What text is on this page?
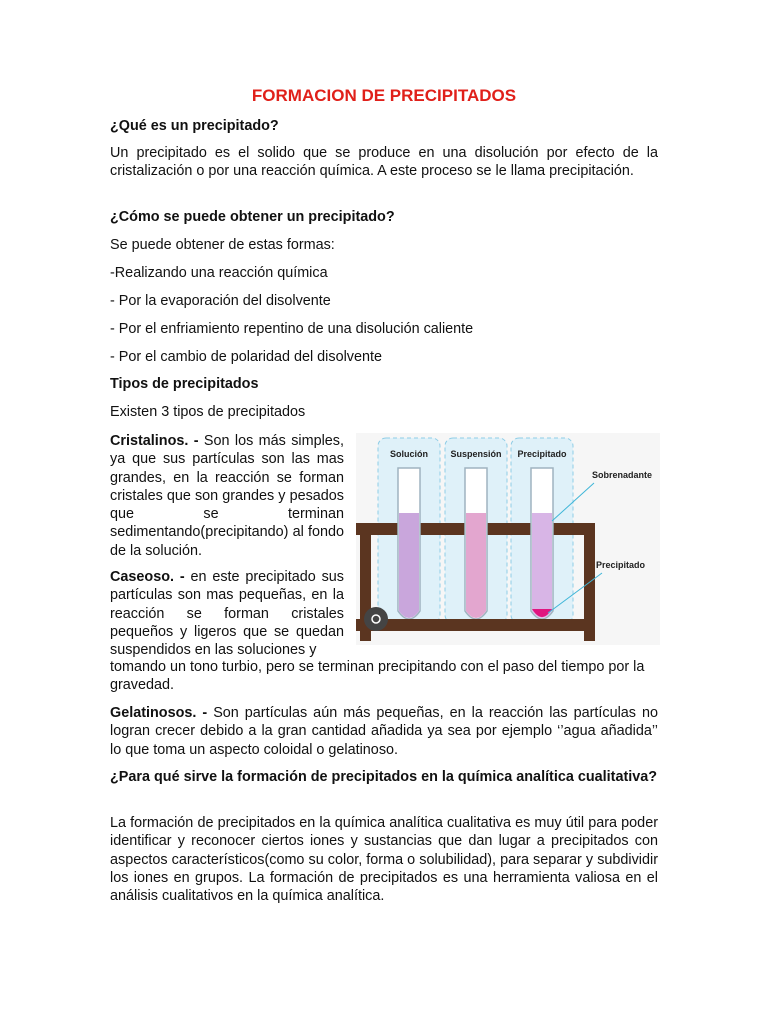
FORMACION DE PRECIPITADOS

¿Qué es un precipitado?

Un precipitado es el solido que se produce en una disolución por efecto de la cristalización o por una reacción química. A este proceso se le llama precipitación.

¿Cómo se puede obtener un precipitado?

Se puede obtener de estas formas:

-Realizando una reacción química

- Por la evaporación del disolvente

- Por el enfriamiento repentino de una disolución caliente

- Por el cambio de polaridad del disolvente

Tipos de precipitados

Existen 3 tipos de precipitados

Cristalinos. - Son los más simples, ya que sus partículas son las mas grandes, en la reacción se forman cristales que son grandes y pesados que se terminan sedimentando(precipitando) al fondo de la solución.

Caseoso. - en este precipitado sus partículas son mas pequeñas, en la reacción se forman cristales pequeños y ligeros que se quedan suspendidos en las soluciones y

tomando un tono turbio, pero se terminan precipitando con el paso del tiempo por la gravedad.

Gelatinosos. - Son partículas aún más pequeñas, en la reacción las partículas no logran crecer debido a la gran cantidad añadida ya sea por ejemplo ‘’agua añadida’’ lo que toma un aspecto coloidal o gelatinoso.

¿Para qué sirve la formación de precipitados en la química analítica cualitativa?

La formación de precipitados en la química analítica cualitativa es muy útil para poder identificar y reconocer ciertos iones y sustancias que dan lugar a precipitados con aspectos característicos(como su color, forma o solubilidad), para separar y subdividir los iones en grupos. La formación de precipitados es una herramienta valiosa en el análisis cualitativos en la química analítica.

Solución Suspensión Precipitado
Sobrenadante
Precipitado
